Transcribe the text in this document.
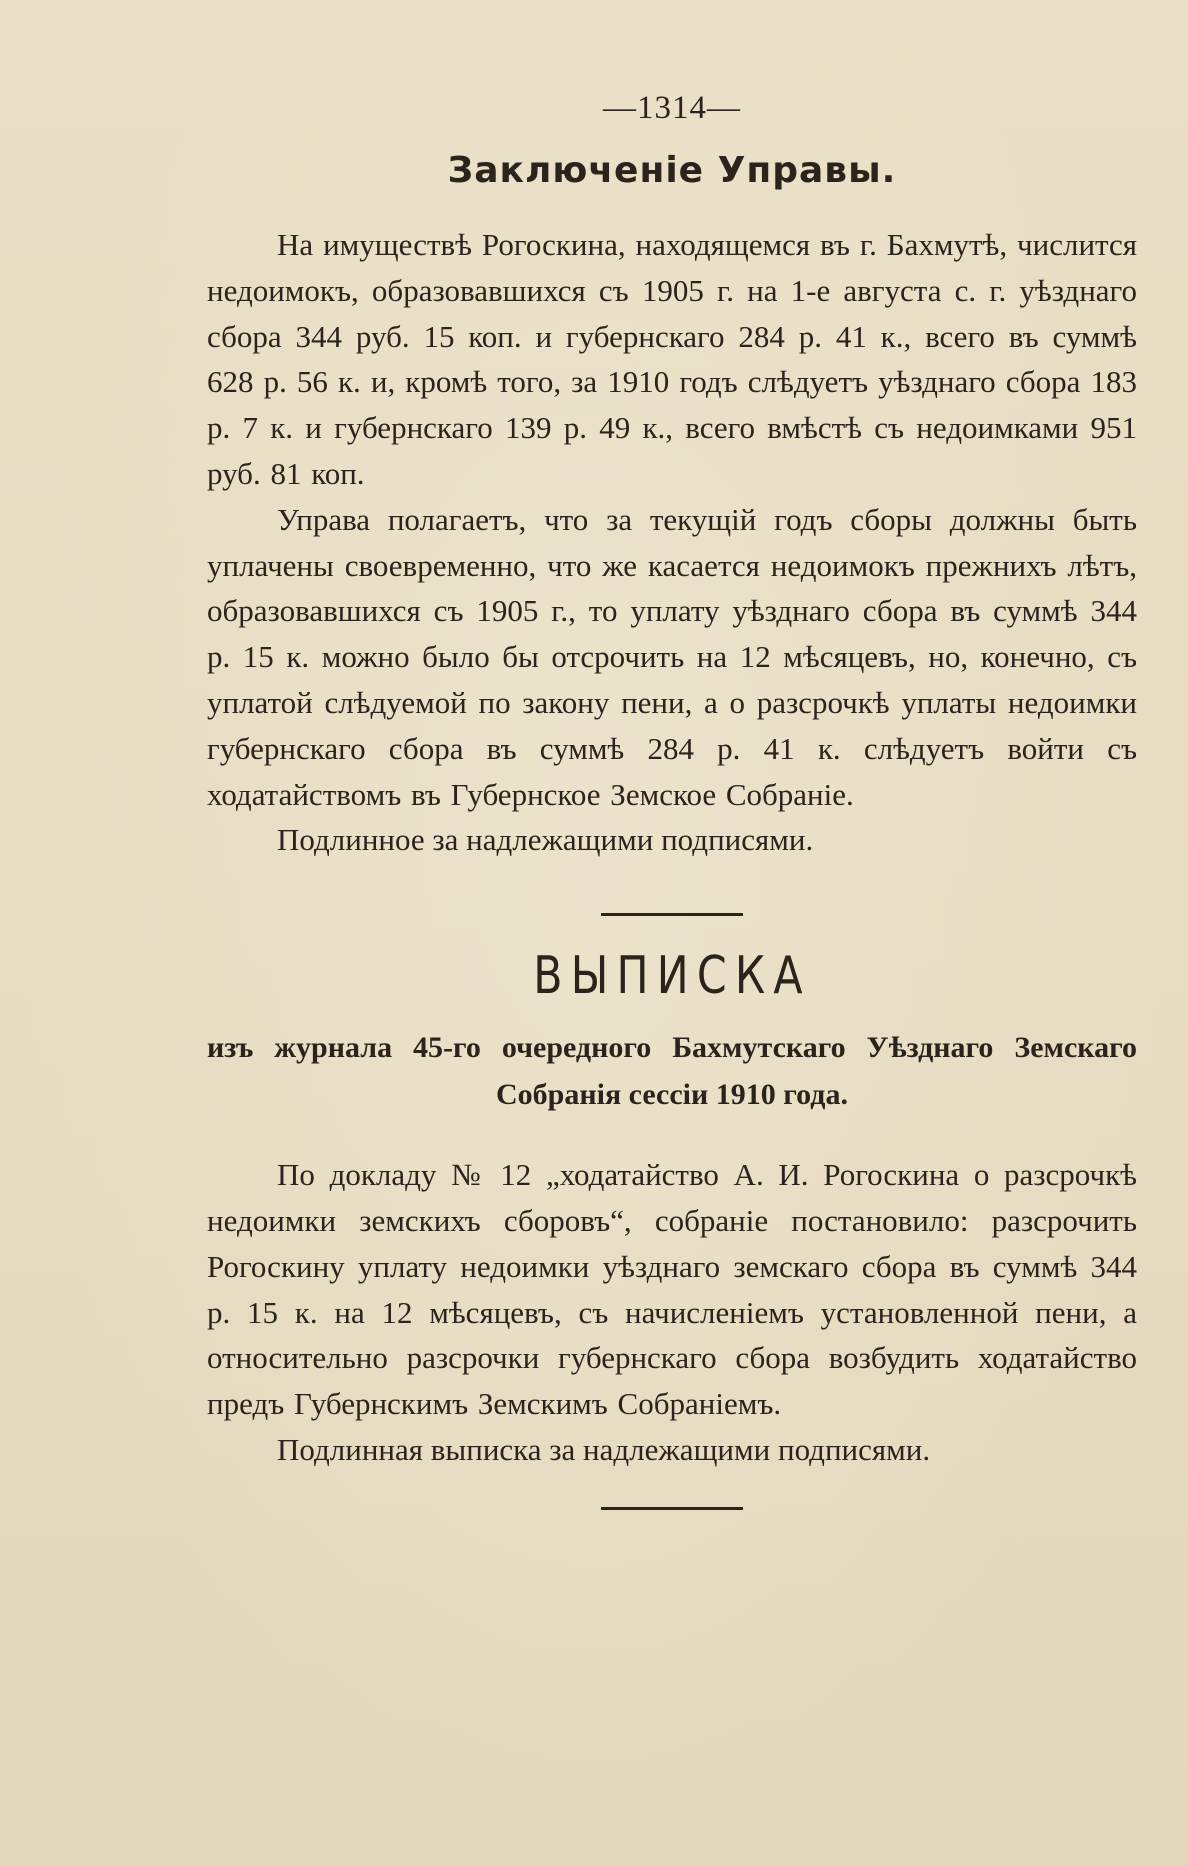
—1314—
Заключеніе Управы.

На имуществѣ Рогоскина, находящемся въ г. Бахмутѣ, числится недоимокъ, образовавшихся съ 1905 г. на 1-е августа с. г. уѣзднаго сбора 344 руб. 15 коп. и губернскаго 284 р. 41 к., всего въ суммѣ 628 р. 56 к. и, кромѣ того, за 1910 годъ слѣдуетъ уѣзднаго сбора 183 р. 7 к. и губернскаго 139 р. 49 к., всего вмѣстѣ съ недоимками 951 руб. 81 коп.

Управа полагаетъ, что за текущій годъ сборы должны быть уплачены своевременно, что же касается недоимокъ прежнихъ лѣтъ, образовавшихся съ 1905 г., то уплату уѣзднаго сбора въ суммѣ 344 р. 15 к. можно было бы отсрочить на 12 мѣсяцевъ, но, конечно, съ уплатой слѣдуемой по закону пени, а о разсрочкѣ уплаты недоимки губернскаго сбора въ суммѣ 284 р. 41 к. слѣдуетъ войти съ ходатайствомъ въ Губернское Земское Собраніе.

Подлинное за надлежащими подписями.

ВЫПИСКА
изъ журнала 45-го очередного Бахмутскаго Уѣзднаго Земскаго Собранія сессіи 1910 года.

По докладу № 12 „ходатайство А. И. Рогоскина о разсрочкѣ недоимки земскихъ сборовъ“, собраніе постановило: разсрочить Рогоскину уплату недоимки уѣзднаго земскаго сбора въ суммѣ 344 р. 15 к. на 12 мѣсяцевъ, съ начисленіемъ установленной пени, а относительно разсрочки губернскаго сбора возбудить ходатайство предъ Губернскимъ Земскимъ Собраніемъ.

Подлинная выписка за надлежащими подписями.
